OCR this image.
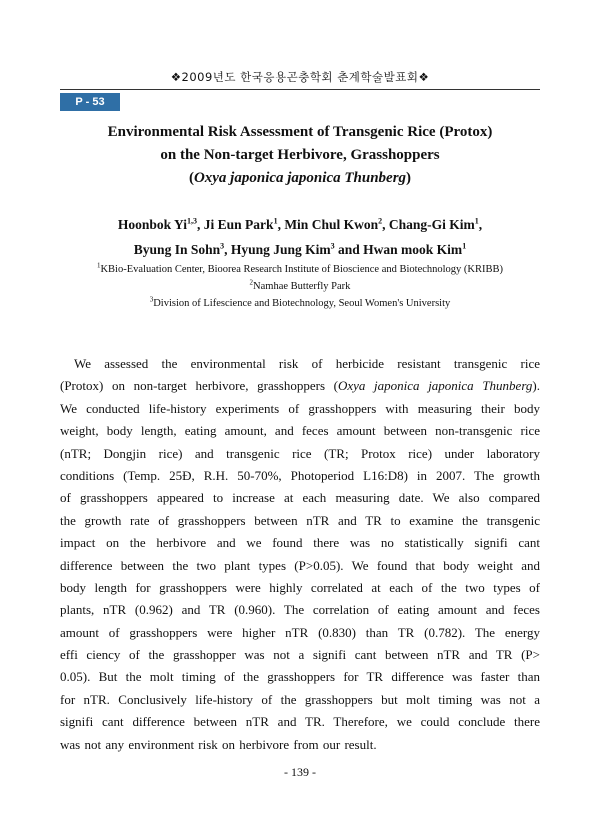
❖2009년도 한국응용곤충학회 춘계학술발표회❖
P - 53
Environmental Risk Assessment of Transgenic Rice (Protox)
on the Non-target Herbivore, Grasshoppers
(Oxya japonica japonica Thunberg)
Hoonbok Yi$^{1,3}$, Ji Eun Park$^1$, Min Chul Kwon$^2$, Chang-Gi Kim$^1$,
Byung In Sohn$^3$, Hyung Jung Kim$^3$ and Hwan mook Kim$^1$
$^1$KBio-Evaluation Center, Bioorea Research Institute of Bioscience and Biotechnology (KRIBB)
$^2$Namhae Butterfly Park
$^3$Division of Lifescience and Biotechnology, Seoul Women's University
We assessed the environmental risk of herbicide resistant transgenic rice
(Protox) on non-target herbivore, grasshoppers (Oxya japonica japonica Thunberg).
We conducted life-history experiments of grasshoppers with measuring their body
weight, body length, eating amount, and feces amount between non-transgenic rice
(nTR; Dongjin rice) and transgenic rice (TR; Protox rice) under laboratory
conditions (Temp. 25Ð, R.H. 50-70%, Photoperiod L16:D8) in 2007. The growth
of grasshoppers appeared to increase at each measuring date. We also compared
the growth rate of grasshoppers between nTR and TR to examine the transgenic
impact on the herbivore and we found there was no statistically signifi cant
difference between the two plant types (P>0.05). We found that body weight and
body length for grasshoppers were highly correlated at each of the two types of
plants, nTR (0.962) and TR (0.960). The correlation of eating amount and feces
amount of grasshoppers were higher nTR (0.830) than TR (0.782). The energy
effi ciency of the grasshopper was not a signifi cant between nTR and TR (P>
0.05). But the molt timing of the grasshoppers for TR difference was faster than
for nTR. Conclusively life-history of the grasshoppers but molt timing was not a
signifi cant difference between nTR and TR. Therefore, we could conclude there
was not any environment risk on herbivore from our result.
- 139 -
